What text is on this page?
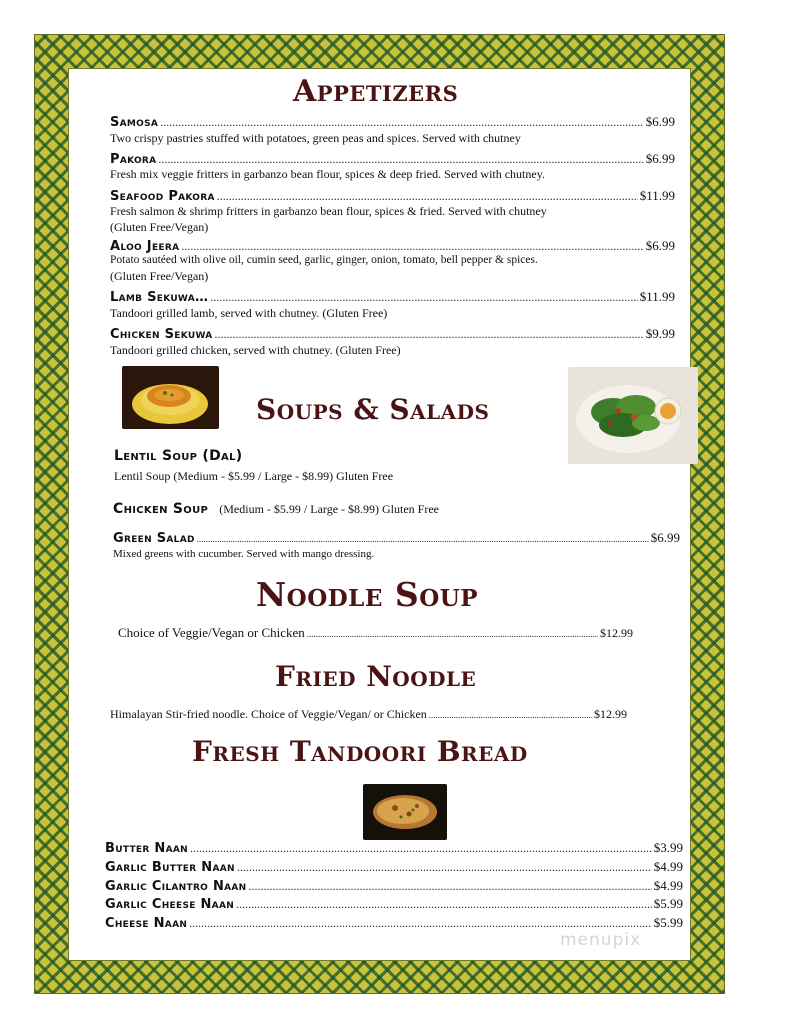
Appetizers
Samosa .....	$6.99
Two crispy pastries stuffed with potatoes, green peas and spices. Served with chutney
Pakora .....	$6.99
Fresh mix veggie fritters in garbanzo bean flour, spices & deep fried. Served with chutney.
Seafood Pakora .....	$11.99
Fresh salmon & shrimp fritters in garbanzo bean flour, spices & fried. Served with chutney
(Gluten Free/Vegan)
Aloo Jeera .....	$6.99
Potato sautéed with olive oil, cumin seed, garlic, ginger, onion, tomato, bell pepper & spices.
(Gluten Free/Vegan)
Lamb Sekuwa… .....	$11.99
Tandoori grilled lamb, served with chutney. (Gluten Free)
Chicken Sekuwa .....	$9.99
Tandoori grilled chicken, served with chutney. (Gluten Free)
Soups & Salads
Lentil Soup (Dal)
Lentil Soup (Medium - $5.99 / Large - $8.99) Gluten Free
Chicken Soup (Medium - $5.99 / Large - $8.99) Gluten Free
Green Salad .....	$6.99
Mixed greens with cucumber. Served with mango dressing.
Noodle Soup
Choice of Veggie/Vegan or Chicken .....	$12.99
Fried Noodle
Himalayan Stir-fried noodle. Choice of Veggie/Vegan/ or Chicken .....	$12.99
Fresh Tandoori Bread
Butter Naan .....	$3.99
Garlic Butter Naan .....	$4.99
Garlic Cilantro Naan .....	$4.99
Garlic Cheese Naan .....	$5.99
Cheese Naan .....	$5.99
menupix
